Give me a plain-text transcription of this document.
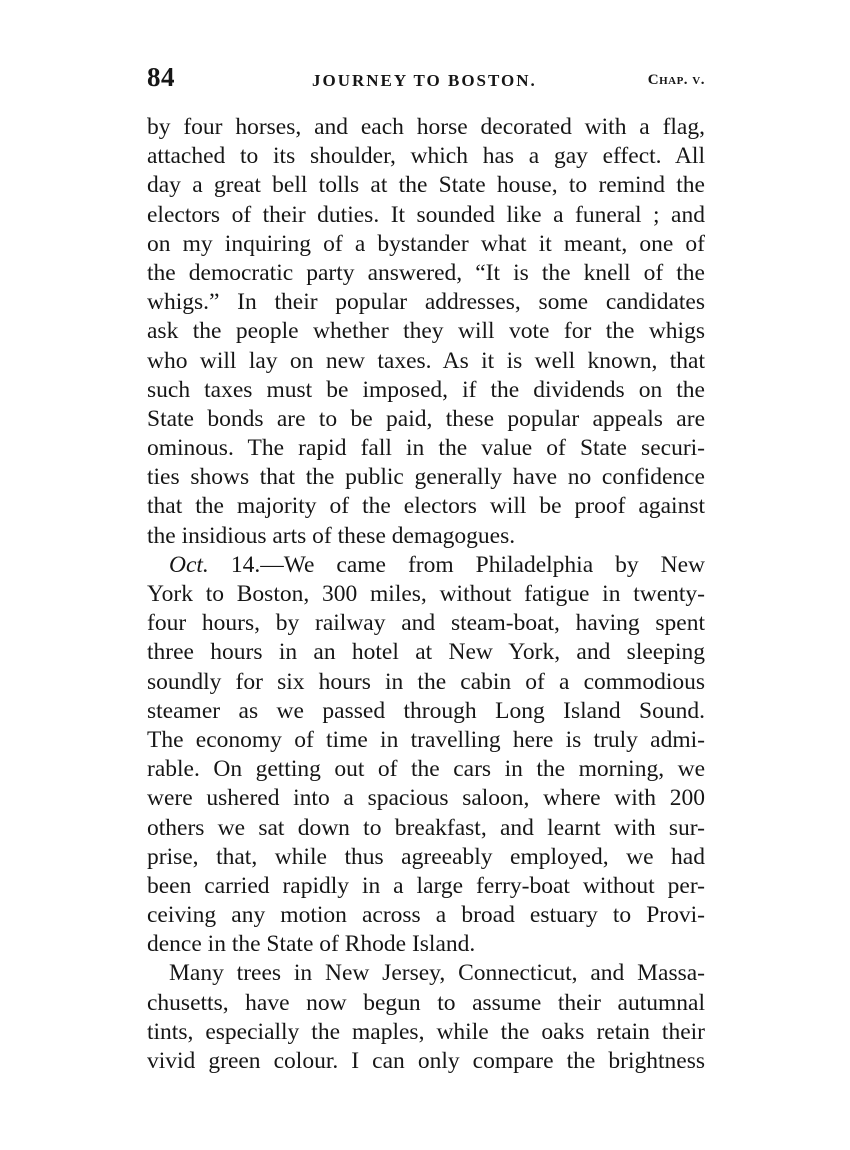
84	JOURNEY TO BOSTON.	Chap. v.
by four horses, and each horse decorated with a flag,
attached to its shoulder, which has a gay effect. All
day a great bell tolls at the State house, to remind the
electors of their duties. It sounded like a funeral ; and
on my inquiring of a bystander what it meant, one of
the democratic party answered, “It is the knell of the
whigs.” In their popular addresses, some candidates
ask the people whether they will vote for the whigs
who will lay on new taxes. As it is well known, that
such taxes must be imposed, if the dividends on the
State bonds are to be paid, these popular appeals are
ominous. The rapid fall in the value of State securi-
ties shows that the public generally have no confidence
that the majority of the electors will be proof against
the insidious arts of these demagogues.
Oct. 14.—We came from Philadelphia by New
York to Boston, 300 miles, without fatigue in twenty-
four hours, by railway and steam-boat, having spent
three hours in an hotel at New York, and sleeping
soundly for six hours in the cabin of a commodious
steamer as we passed through Long Island Sound.
The economy of time in travelling here is truly admi-
rable. On getting out of the cars in the morning, we
were ushered into a spacious saloon, where with 200
others we sat down to breakfast, and learnt with sur-
prise, that, while thus agreeably employed, we had
been carried rapidly in a large ferry-boat without per-
ceiving any motion across a broad estuary to Provi-
dence in the State of Rhode Island.
Many trees in New Jersey, Connecticut, and Massa-
chusetts, have now begun to assume their autumnal
tints, especially the maples, while the oaks retain their
vivid green colour. I can only compare the brightness
